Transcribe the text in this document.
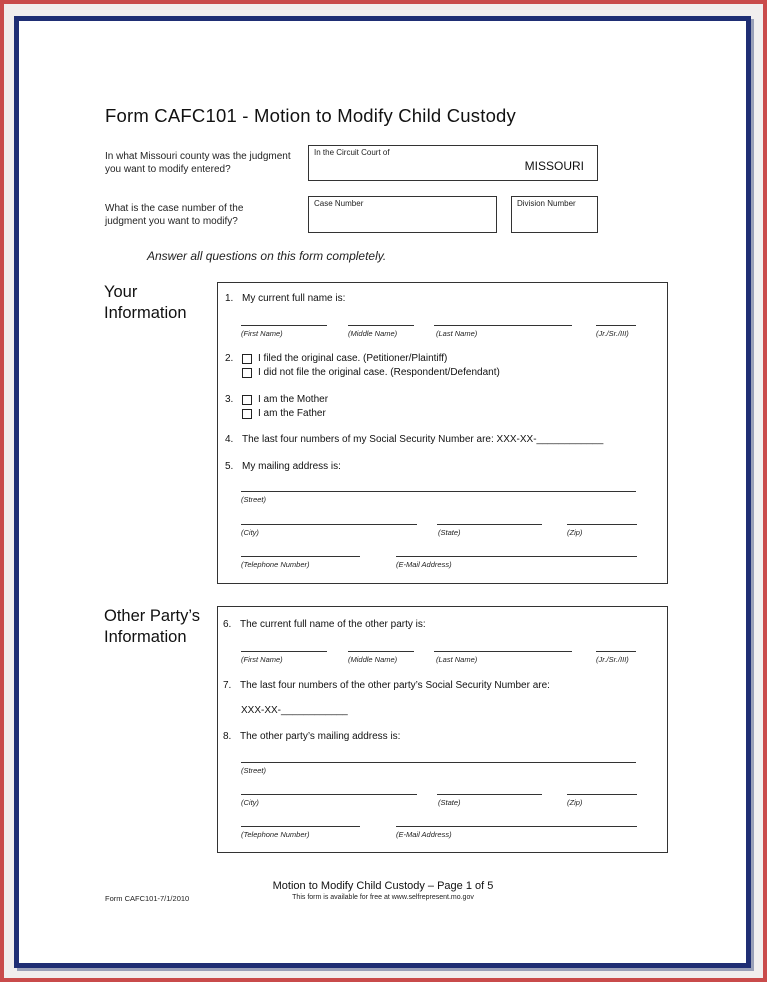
Form CAFC101 - Motion to Modify Child Custody
In what Missouri county was the judgment you want to modify entered?
In the Circuit Court of
MISSOURI
What is the case number of the judgment you want to modify?
Case Number	Division Number
Answer all questions on this form completely.
Your
Information
1. My current full name is:
(First Name)	(Middle Name)	(Last Name)	(Jr./Sr./III)
2. I filed the original case. (Petitioner/Plaintiff)
I did not file the original case. (Respondent/Defendant)
3. I am the Mother
I am the Father
4. The last four numbers of my Social Security Number are: XXX-XX-____________
5. My mailing address is:
(Street)
(City)	(State)	(Zip)
(Telephone Number)	(E-Mail Address)
Other Party’s
Information
6. The current full name of the other party is:
(First Name)	(Middle Name)	(Last Name)	(Jr./Sr./III)
7. The last four numbers of the other party’s Social Security Number are:
XXX-XX-____________
8. The other party’s mailing address is:
(Street)
(City)	(State)	(Zip)
(Telephone Number)	(E-Mail Address)
Motion to Modify Child Custody – Page 1 of 5
This form is available for free at www.selfrepresent.mo.gov
Form CAFC101-7/1/2010
